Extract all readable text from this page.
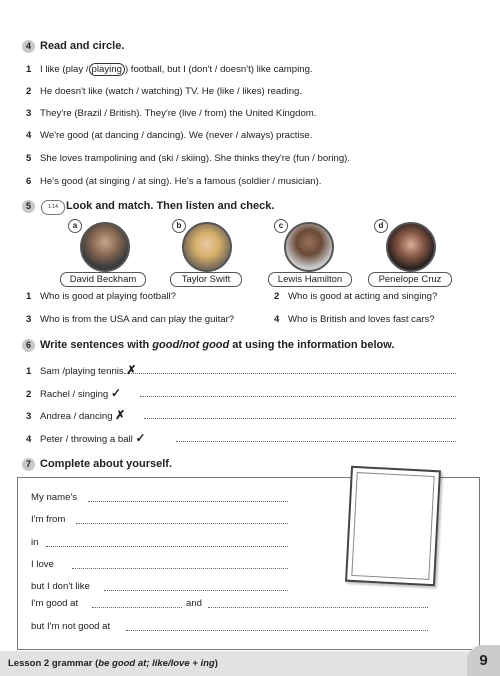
4 Read and circle.
1 I like (play / playing ) football, but I (don't / doesn't) like camping.
2 He doesn't like (watch / watching) TV. He (like / likes) reading.
3 They're (Brazil / British). They're (live / from) the United Kingdom.
4 We're good (at dancing / dancing). We (never / always) practise.
5 She loves trampolining and (ski / skiing). She thinks they're (fun / boring).
6 He's good (at singing / at sing). He's a famous (soldier / musician).
5	1.14 Look and match. Then listen and check.
a
David Beckham
b
Taylor Swift
c
Lewis Hamilton
d
Penelope Cruz
1 Who is good at playing football?	2 Who is good at acting and singing?
3 Who is from the USA and can play the guitar?	4 Who is British and loves fast cars?
6 Write sentences with good/not good at using the information below.
1 Sam /playing tennis ✗
2 Rachel / singing ✓
3 Andrea / dancing ✗
4 Peter / throwing a ball ✓
7 Complete about yourself.
My name's
I'm from
in
I love
but I don't like
I'm good at	and
but I'm not good at
Lesson 2 grammar (be good at; like/love + ing)	9
